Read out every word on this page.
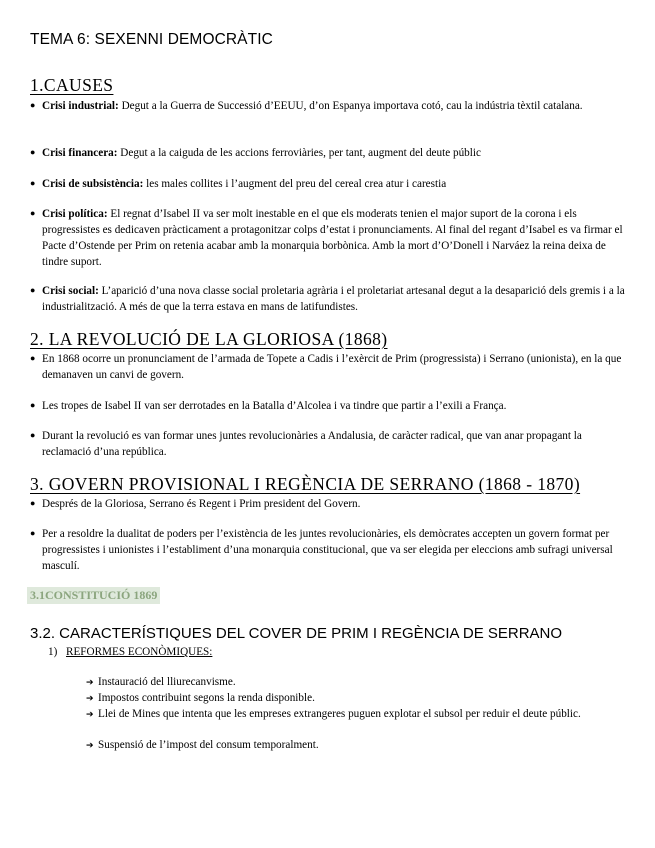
TEMA 6: SEXENNI DEMOCRÀTIC
1.CAUSES
● Crisi industrial: Degut a la Guerra de Successió d’EEUU, d’on Espanya importava cotó, cau la indústria tèxtil catalana.
● Crisi financera: Degut a la caiguda de les accions ferroviàries, per tant, augment del deute públic
● Crisi de subsistència: les males collites i l’augment del preu del cereal crea atur i carestia
● Crisi política: El regnat d’Isabel II va ser molt inestable en el que els moderats tenien el major suport de la corona i els progressistes es dedicaven pràcticament a protagonitzar colps d’estat i pronunciaments. Al final del regant d’Isabel es va firmar el Pacte d’Ostende per Prim on retenia acabar amb la monarquia borbònica. Amb la mort d’O’Donell i Narváez la reina deixa de tindre suport.
● Crisi social: L’aparició d’una nova classe social proletaria agrària i el proletariat artesanal degut a la desaparició dels gremis i a la industrialització. A més de que la terra estava en mans de latifundistes.
2. LA REVOLUCIÓ DE LA GLORIOSA (1868)
● En 1868 ocorre un pronunciament de l’armada de Topete a Cadis i l’exèrcit de Prim (progressista) i Serrano (unionista), en la que demanaven un canvi de govern.
● Les tropes de Isabel II van ser derrotades en la Batalla d’Alcolea i va tindre que partir a l’exili a França.
● Durant la revolució es van formar unes juntes revolucionàries a Andalusia, de caràcter radical, que van anar propagant la reclamació d’una república.
3. GOVERN PROVISIONAL I REGÈNCIA DE SERRANO (1868 - 1870)
● Després de la Gloriosa, Serrano és Regent i Prim president del Govern.
● Per a resoldre la dualitat de poders per l’existència de les juntes revolucionàries, els demòcrates accepten un govern format per progressistes i unionistes i l’establiment d’una monarquia constitucional, que va ser elegida per eleccions amb sufragi universal masculí.
3.1CONSTITUCIÓ 1869
3.2. CARACTERÍSTIQUES DEL COVER DE PRIM I REGÈNCIA DE SERRANO
1) REFORMES ECONÒMIQUES:
➔ Instauració del lliurecanvisme.
➔ Impostos contribuint segons la renda disponible.
➔ Llei de Mines que intenta que les empreses extrangeres puguen explotar el subsol per reduir el deute públic.
➔ Suspensió de l’impost del consum temporalment.
